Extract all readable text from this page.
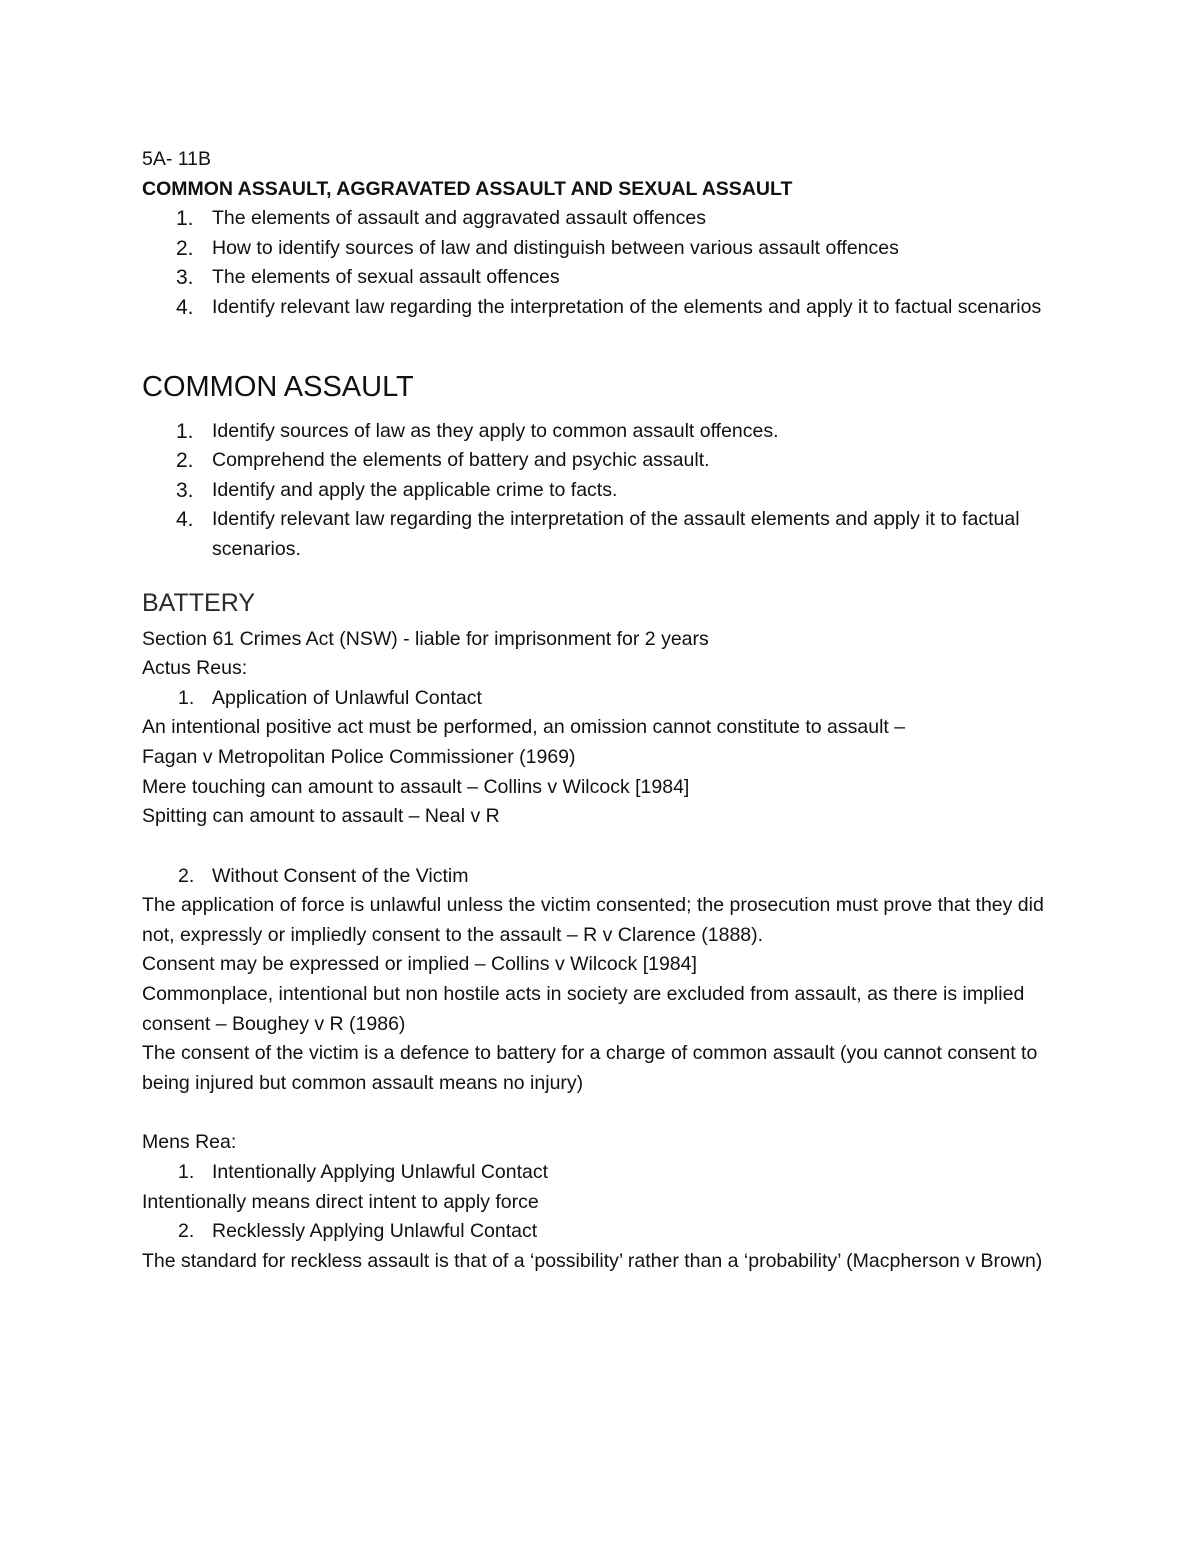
5A- 11B

COMMON ASSAULT, AGGRAVATED ASSAULT AND SEXUAL ASSAULT

1. The elements of assault and aggravated assault offences
2. How to identify sources of law and distinguish between various assault offences
3. The elements of sexual assault offences
4. Identify relevant law regarding the interpretation of the elements and apply it to factual scenarios
COMMON ASSAULT
1. Identify sources of law as they apply to common assault offences.
2. Comprehend the elements of battery and psychic assault.
3. Identify and apply the applicable crime to facts.
4. Identify relevant law regarding the interpretation of the assault elements and apply it to factual scenarios.
BATTERY

Section 61 Crimes Act (NSW) - liable for imprisonment for 2 years

Actus Reus:

1. Application of Unlawful Contact

An intentional positive act must be performed, an omission cannot constitute to assault –

Fagan v Metropolitan Police Commissioner (1969)

Mere touching can amount to assault – Collins v Wilcock [1984]

Spitting can amount to assault – Neal v R

2. Without Consent of the Victim

The application of force is unlawful unless the victim consented; the prosecution must prove that they did not, expressly or impliedly consent to the assault – R v Clarence (1888).

Consent may be expressed or implied – Collins v Wilcock [1984]

Commonplace, intentional but non hostile acts in society are excluded from assault, as there is implied consent – Boughey v R (1986)

The consent of the victim is a defence to battery for a charge of common assault (you cannot consent to being injured but common assault means no injury)

Mens Rea:

1. Intentionally Applying Unlawful Contact

Intentionally means direct intent to apply force

2. Recklessly Applying Unlawful Contact

The standard for reckless assault is that of a ‘possibility’ rather than a ‘probability’ (Macpherson v Brown)
